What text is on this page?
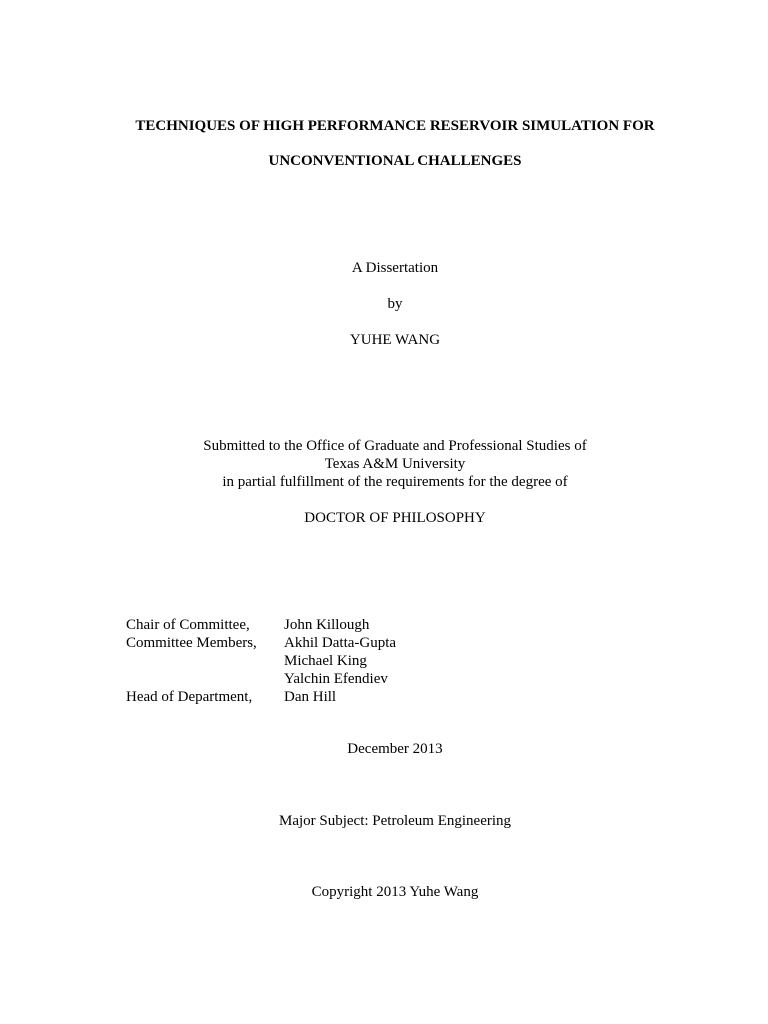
TECHNIQUES OF HIGH PERFORMANCE RESERVOIR SIMULATION FOR
UNCONVENTIONAL CHALLENGES
A Dissertation
by
YUHE WANG
Submitted to the Office of Graduate and Professional Studies of
Texas A&M University
in partial fulfillment of the requirements for the degree of
DOCTOR OF PHILOSOPHY
Chair of Committee, John Killough
Committee Members, Akhil Datta-Gupta
Michael King
Yalchin Efendiev
Head of Department, Dan Hill
December 2013
Major Subject: Petroleum Engineering
Copyright 2013 Yuhe Wang
